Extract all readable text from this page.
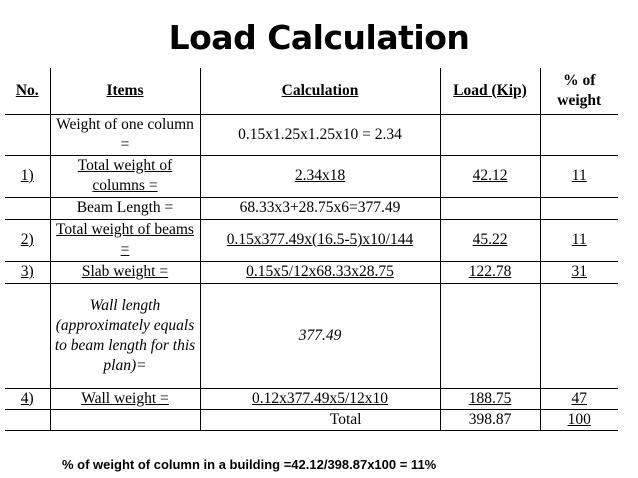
Load Calculation
No.	Items	Calculation	Load (Kip)	% of weight
	Weight of one column =	0.15x1.25x1.25x10 = 2.34		
1)	Total weight of columns =	2.34x18	42.12	11
	Beam Length =	68.33x3+28.75x6=377.49		
2)	Total weight of beams =	0.15x377.49x(16.5-5)x10/144	45.22	11
3)	Slab weight =	0.15x5/12x68.33x28.75	122.78	31
	Wall length (approximately equals to beam length for this plan)=	377.49		
4)	Wall weight =	0.12x377.49x5/12x10	188.75	47
		Total	398.87	100
% of weight of column in a building =42.12/398.87x100 = 11%
